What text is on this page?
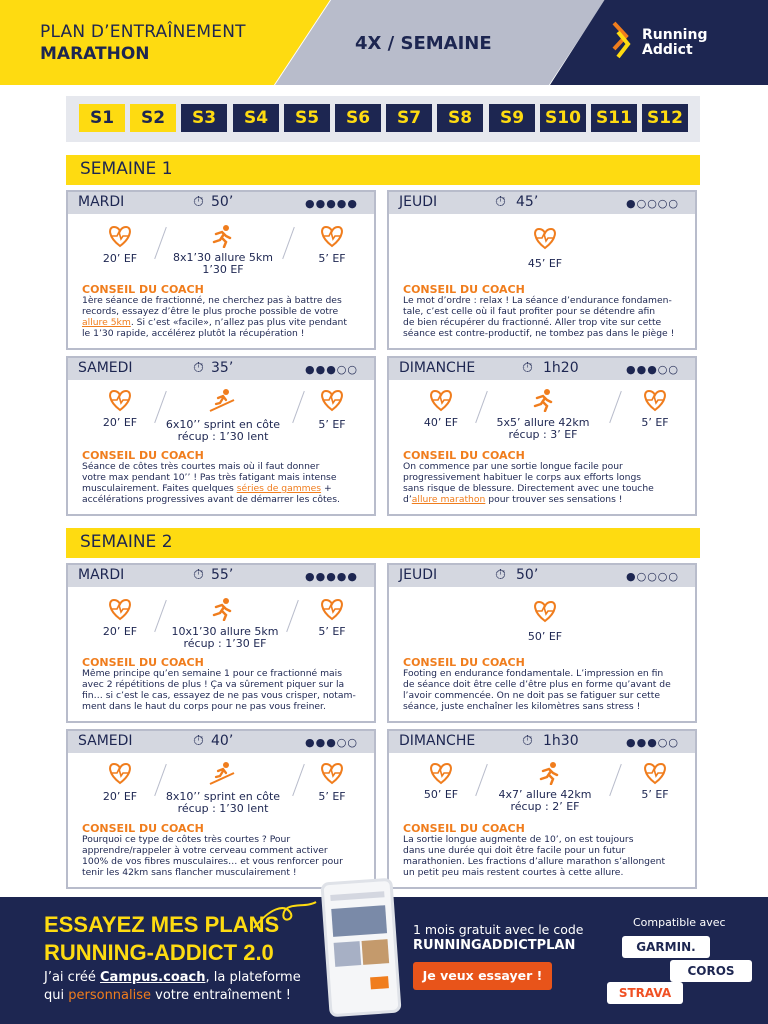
PLAN D’ENTRAÎNEMENT
MARATHON	4X / SEMAINE	Running
Addict
S1	S2	S3	S4	S5	S6	S7	S8	S9	S10 S11 S12
SEMAINE 1
MARDI	⏱ 50’	●●●●●
20’ EF	8x1’30 allure 5km
1’30 EF
5’ EF
CONSEIL DU COACH
1ère séance de fractionné, ne cherchez pas à battre des
records, essayez d’être le plus proche possible de votre
allure 5km. Si c’est «facile», n’allez pas plus vite pendant
le 1’30 rapide, accélérez plutôt la récupération !
JEUDI	⏱ 45’	●○○○○
45’ EF
CONSEIL DU COACH
Le mot d’ordre : relax ! La séance d’endurance fondamen-
tale, c’est celle où il faut profiter pour se détendre afin
de bien récupérer du fractionné. Aller trop vite sur cette
séance est contre-productif, ne tombez pas dans le piège !
SAMEDI	⏱ 35’	●●●○○
20’ EF	6x10’’ sprint en côte
récup : 1’30 lent
5’ EF
CONSEIL DU COACH
Séance de côtes très courtes mais où il faut donner
votre max pendant 10’’ ! Pas très fatigant mais intense
musculairement. Faites quelques séries de gammes +
accélérations progressives avant de démarrer les côtes.
DIMANCHE	⏱ 1h20	●●●○○
40’ EF	5x5’ allure 42km
récup : 3’ EF
5’ EF
CONSEIL DU COACH
On commence par une sortie longue facile pour
progressivement habituer le corps aux efforts longs
sans risque de blessure. Directement avec une touche
d’allure marathon pour trouver ses sensations !
SEMAINE 2
MARDI	⏱ 55’	●●●●●
20’ EF	10x1’30 allure 5km
récup : 1’30 EF
5’ EF
CONSEIL DU COACH
Même principe qu’en semaine 1 pour ce fractionné mais
avec 2 répétitions de plus ! Ça va sûrement piquer sur la
fin… si c’est le cas, essayez de ne pas vous crisper, notam-
ment dans le haut du corps pour ne pas vous freiner.
JEUDI	⏱ 50’	●○○○○
50’ EF
CONSEIL DU COACH
Footing en endurance fondamentale. L’impression en fin
de séance doit être celle d’être plus en forme qu’avant de
l’avoir commencée. On ne doit pas se fatiguer sur cette
séance, juste enchaîner les kilomètres sans stress !
SAMEDI	⏱ 40’	●●●○○
20’ EF	8x10’’ sprint en côte
récup : 1’30 lent
5’ EF
CONSEIL DU COACH
Pourquoi ce type de côtes très courtes ? Pour
apprendre/rappeler à votre cerveau comment activer
100% de vos fibres musculaires… et vous renforcer pour
tenir les 42km sans flancher musculairement !
DIMANCHE	⏱ 1h30	●●●○○
50’ EF	4x7’ allure 42km
récup : 2’ EF
5’ EF
CONSEIL DU COACH
La sortie longue augmente de 10’, on est toujours
dans une durée qui doit être facile pour un futur
marathonien. Les fractions d’allure marathon s’allongent
un petit peu mais restent courtes à cette allure.
ESSAYEZ MES PLANS
RUNNING-ADDICT 2.0
J’ai créé Campus.coach, la plateforme
qui personnalise votre entraînement !
1 mois gratuit avec le code
RUNNINGADDICTPLAN
Je veux essayer !
Compatible avec
GARMIN.
COROS
STRAVA
